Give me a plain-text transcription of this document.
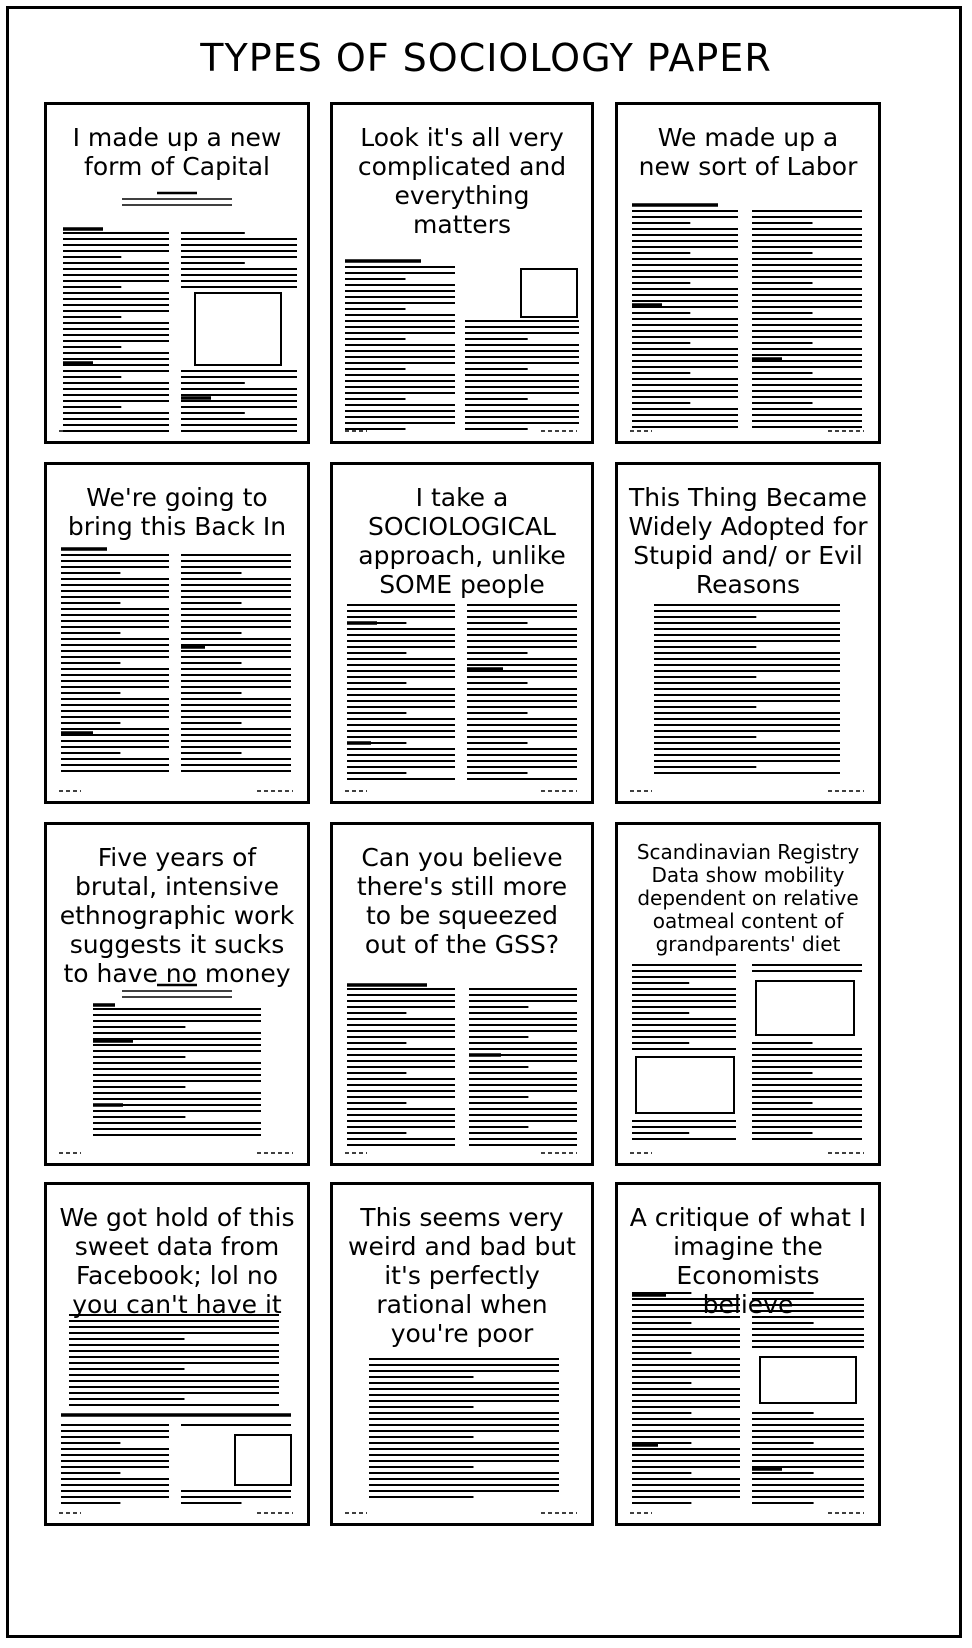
TYPES OF SOCIOLOGY PAPER
I made up a new form of Capital
Look it's all very complicated and everything matters
We made up a new sort of Labor
We're going to bring this Back In
I take a SOCIOLOGICAL approach, unlike SOME people
This Thing Became Widely Adopted for Stupid and/ or Evil Reasons
Five years of brutal, intensive ethnographic work suggests it sucks to have no money
Can you believe there's still more to be squeezed out of the GSS?
Scandinavian Registry Data show mobility dependent on relative oatmeal content of grandparents' diet
We got hold of this sweet data from Facebook; lol no you can't have it
This seems very weird and bad but it's perfectly rational when you're poor
A critique of what I imagine the Economists believe
